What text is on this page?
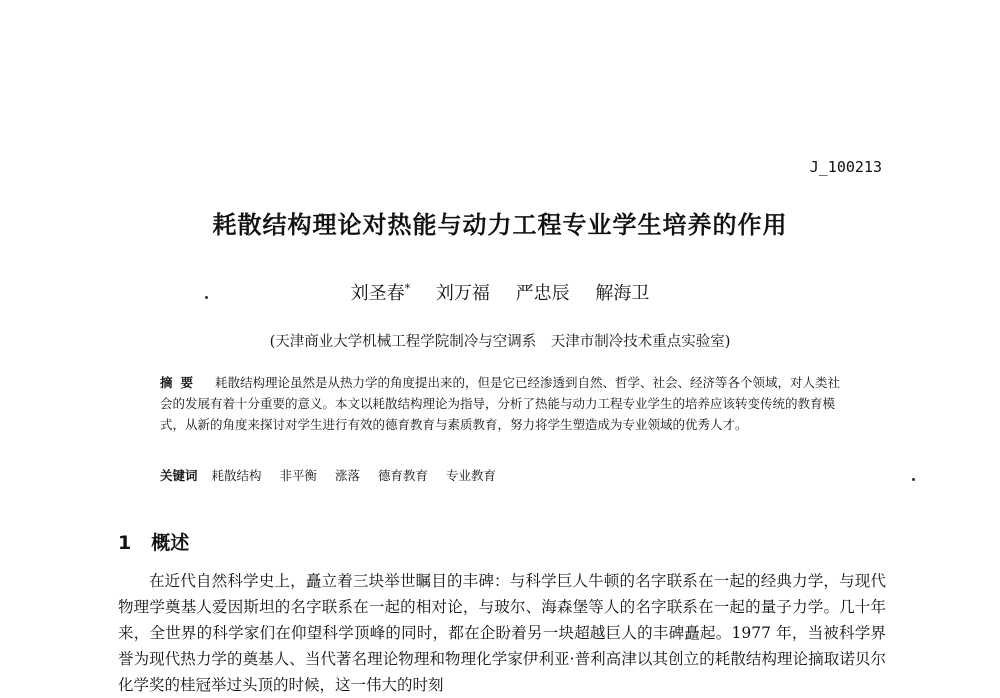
J_100213
耗散结构理论对热能与动力工程专业学生培养的作用
刘圣春* 刘万福 严忠辰 解海卫
(天津商业大学机械工程学院制冷与空调系　天津市制冷技术重点实验室)
摘要 耗散结构理论虽然是从热力学的角度提出来的，但是它已经渗透到自然、哲学、社会、经济等各个领域，对人类社会的发展有着十分重要的意义。本文以耗散结构理论为指导，分析了热能与动力工程专业学生的培养应该转变传统的教育模式，从新的角度来探讨对学生进行有效的德育教育与素质教育，努力将学生塑造成为专业领域的优秀人才。
关键词 耗散结构 非平衡 涨落 德育教育 专业教育
1 概述
在近代自然科学史上，矗立着三块举世瞩目的丰碑：与科学巨人牛顿的名字联系在一起的经典力学，与现代物理学奠基人爱因斯坦的名字联系在一起的相对论，与玻尔、海森堡等人的名字联系在一起的量子力学。几十年来，全世界的科学家们在仰望科学顶峰的同时，都在企盼着另一块超越巨人的丰碑矗起。1977 年，当被科学界誉为现代热力学的奠基人、当代著名理论物理和物理化学家伊利亚·普利高津以其创立的耗散结构理论摘取诺贝尔化学奖的桂冠举过头顶的时候，这一伟大的时刻
